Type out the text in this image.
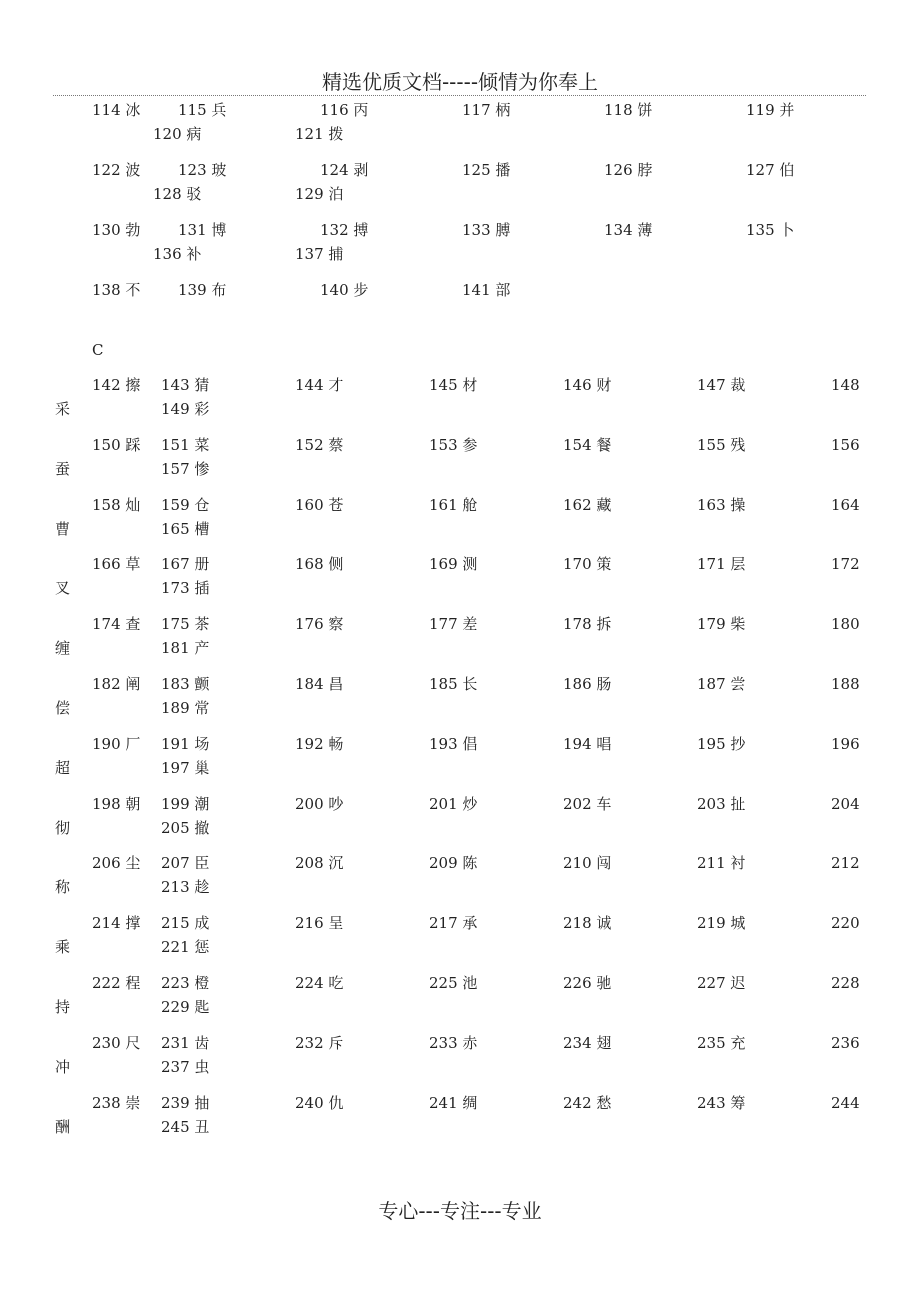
精选优质文档-----倾情为你奉上
114 冰	115 兵	116 丙	117 柄	118 饼	119 并
120 病	121 拨
122 波	123 玻	124 剥	125 播	126 脖	127 伯
128 驳	129 泊
130 勃	131 博	132 搏	133 膊	134 薄	135 卜
136 补	137 捕
138 不	139 布	140 步	141 部
C
142 擦 143 猜	144 才	145 材	146 财	147 裁	148
采	149 彩
150 踩 151 菜	152 蔡	153 参	154 餐	155 残	156
蚕	157 惨
158 灿 159 仓	160 苍	161 舱	162 藏	163 操	164
曹	165 槽
166 草 167 册	168 侧	169 测	170 策	171 层	172
叉	173 插
174 查 175 茶	176 察	177 差	178 拆	179 柴	180
缠	181 产
182 阐 183 颤	184 昌	185 长	186 肠	187 尝	188
偿	189 常
190 厂 191 场	192 畅	193 倡	194 唱	195 抄	196
超	197 巢
198 朝 199 潮	200 吵	201 炒	202 车	203 扯	204
彻	205 撤
206 尘 207 臣	208 沉	209 陈	210 闯	211 衬	212
称	213 趁
214 撑 215 成	216 呈	217 承	218 诚	219 城	220
乘	221 惩
222 程 223 橙	224 吃	225 池	226 驰	227 迟	228
持	229 匙
230 尺 231 齿	232 斥	233 赤	234 翅	235 充	236
冲	237 虫
238 崇 239 抽	240 仇	241 绸	242 愁	243 筹	244
酬	245 丑
专心---专注---专业
